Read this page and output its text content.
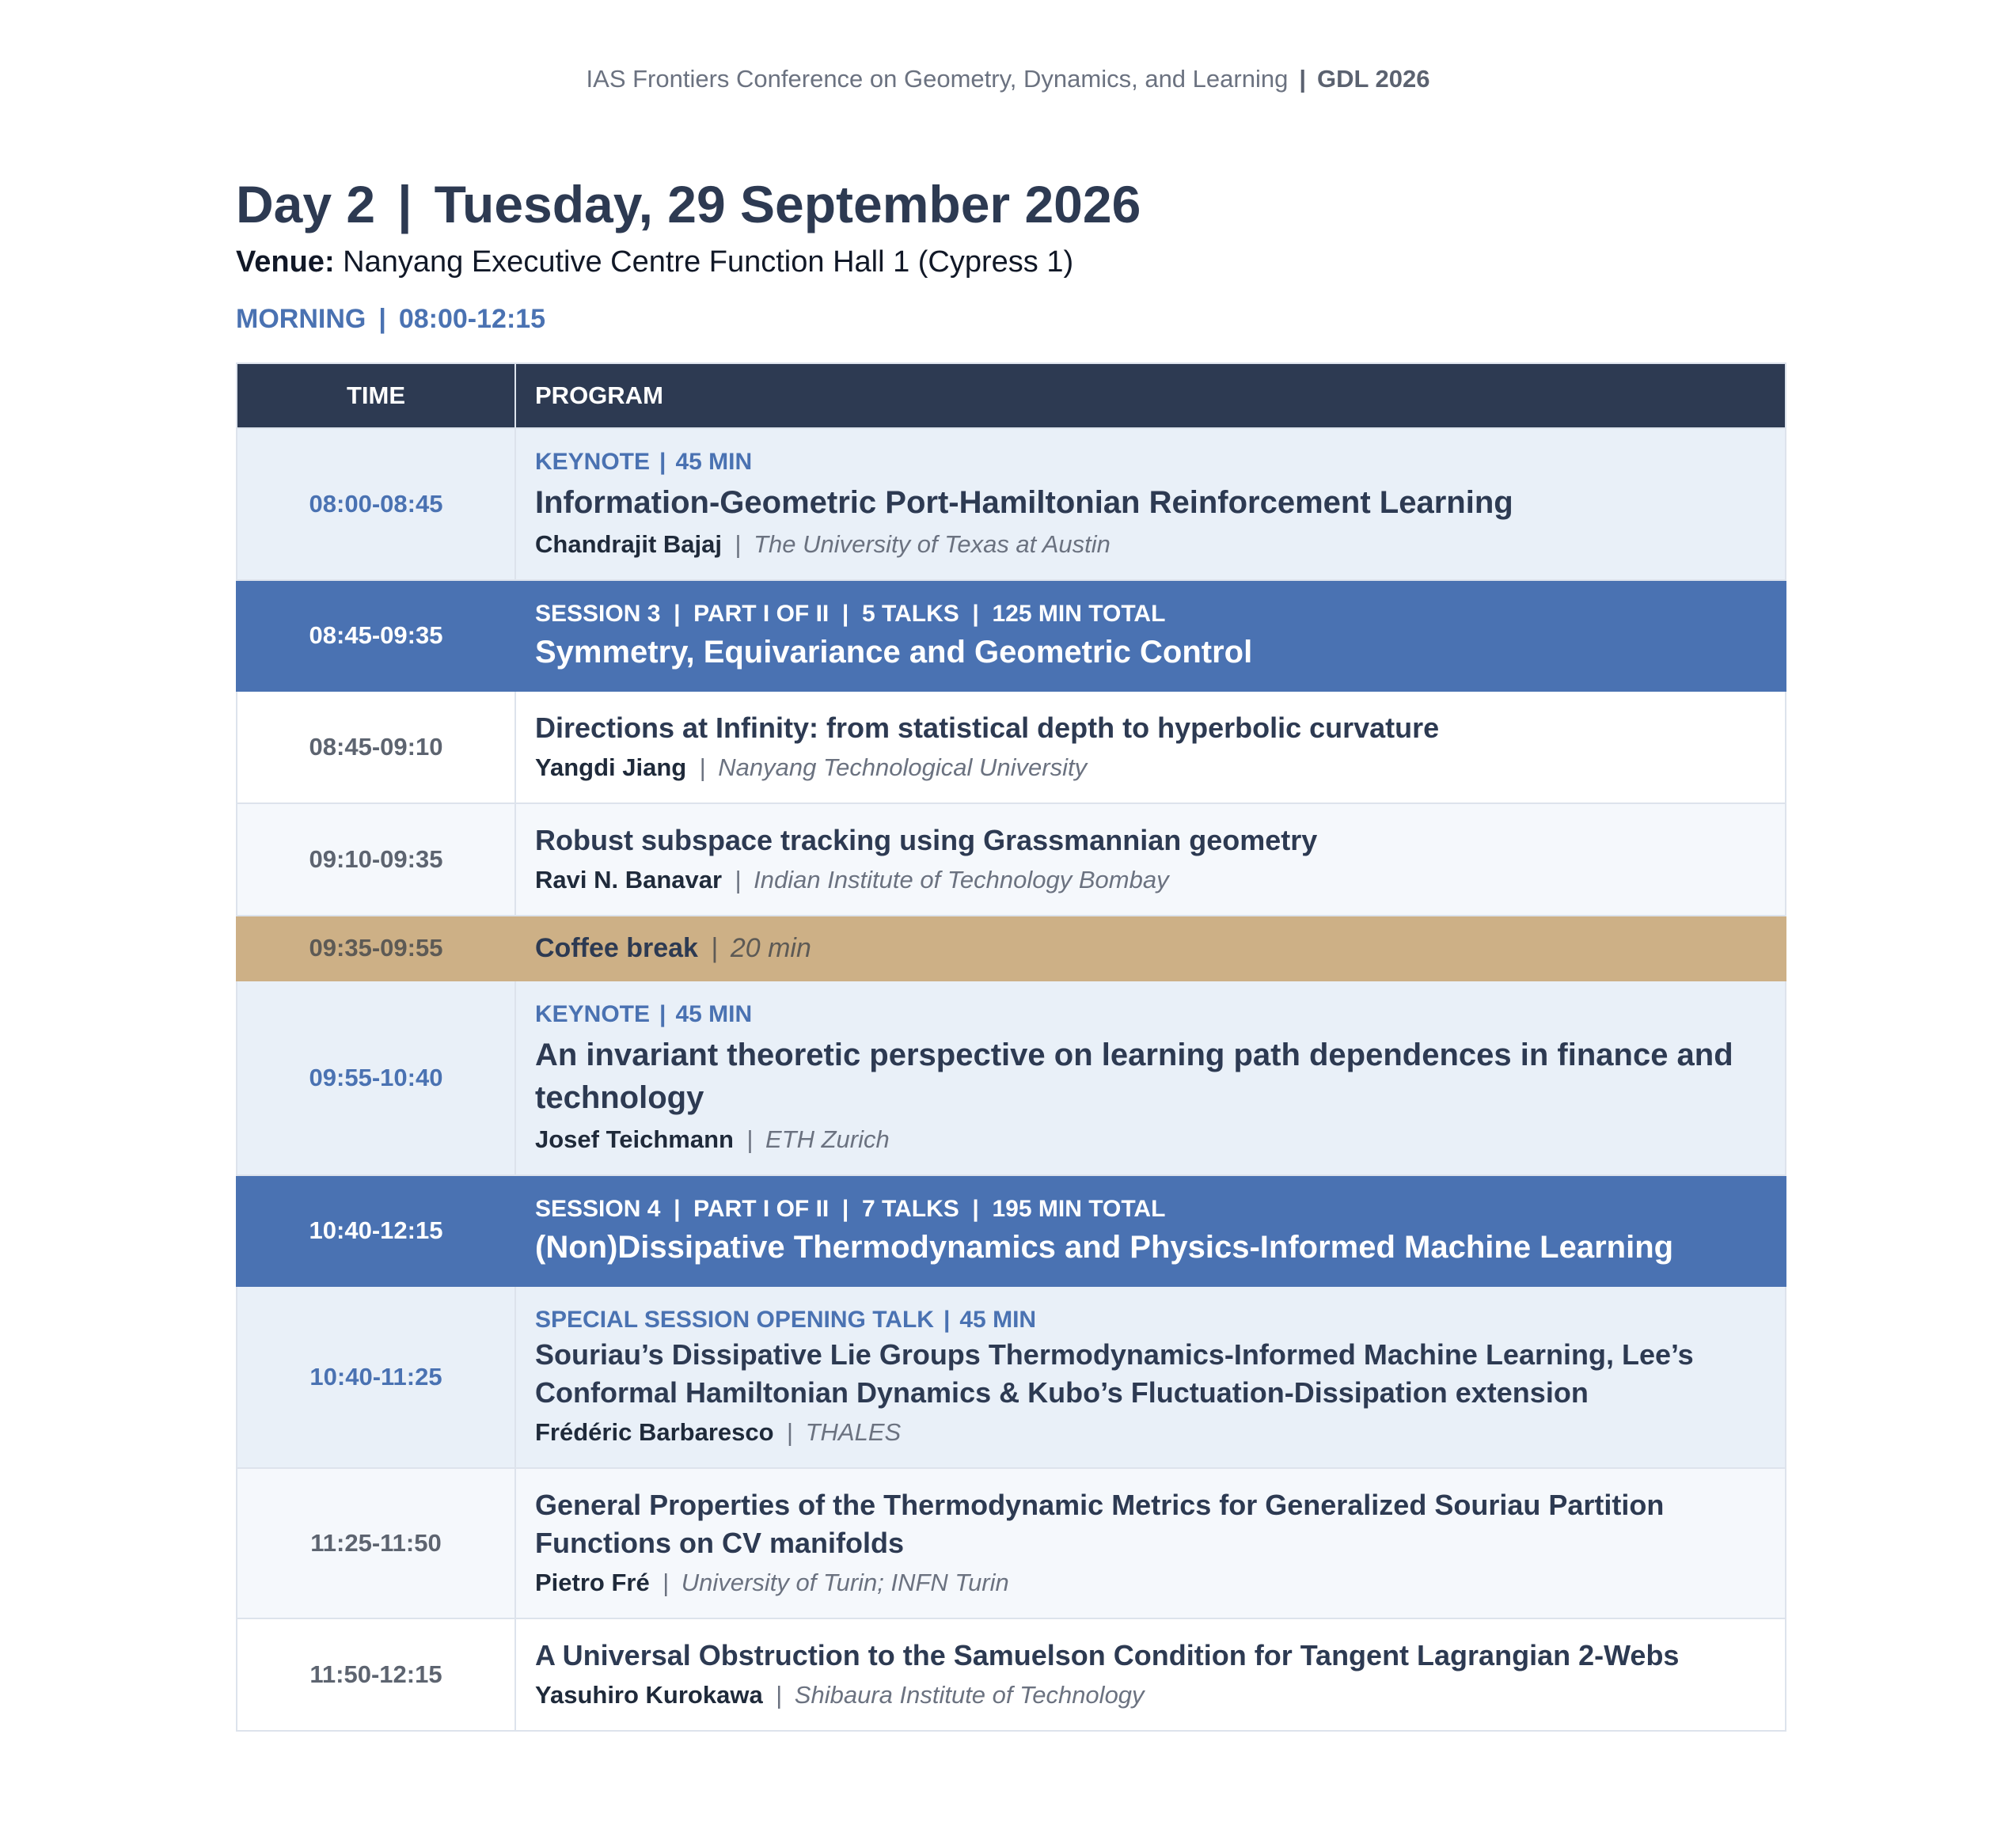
IAS Frontiers Conference on Geometry, Dynamics, and Learning | GDL 2026
Day 2 | Tuesday, 29 September 2026
Venue: Nanyang Executive Centre Function Hall 1 (Cypress 1)
MORNING | 08:00-12:15
TIME	PROGRAM
08:00-08:45	KEYNOTE | 45 MIN
Information-Geometric Port-Hamiltonian Reinforcement Learning
Chandrajit Bajaj | The University of Texas at Austin

08:45-09:35	SESSION 3  |  PART I OF II  |  5 TALKS  |  125 MIN TOTAL
Symmetry, Equivariance and Geometric Control

08:45-09:10	Directions at Infinity: from statistical depth to hyperbolic curvature
Yangdi Jiang | Nanyang Technological University

09:10-09:35	Robust subspace tracking using Grassmannian geometry
Ravi N. Banavar | Indian Institute of Technology Bombay

09:35-09:55	Coffee break | 20 min

09:55-10:40	KEYNOTE | 45 MIN
An invariant theoretic perspective on learning path dependences in finance and technology
Josef Teichmann | ETH Zurich

10:40-12:15	SESSION 4  |  PART I OF II  |  7 TALKS  |  195 MIN TOTAL
(Non)Dissipative Thermodynamics and Physics-Informed Machine Learning

10:40-11:25	SPECIAL SESSION OPENING TALK | 45 MIN
Souriau’s Dissipative Lie Groups Thermodynamics-Informed Machine Learning, Lee’s Conformal Hamiltonian Dynamics & Kubo’s Fluctuation-Dissipation extension
Frédéric Barbaresco | THALES

11:25-11:50	General Properties of the Thermodynamic Metrics for Generalized Souriau Partition Functions on CV manifolds
Pietro Fré | University of Turin; INFN Turin

11:50-12:15	A Universal Obstruction to the Samuelson Condition for Tangent Lagrangian 2-Webs
Yasuhiro Kurokawa | Shibaura Institute of Technology
